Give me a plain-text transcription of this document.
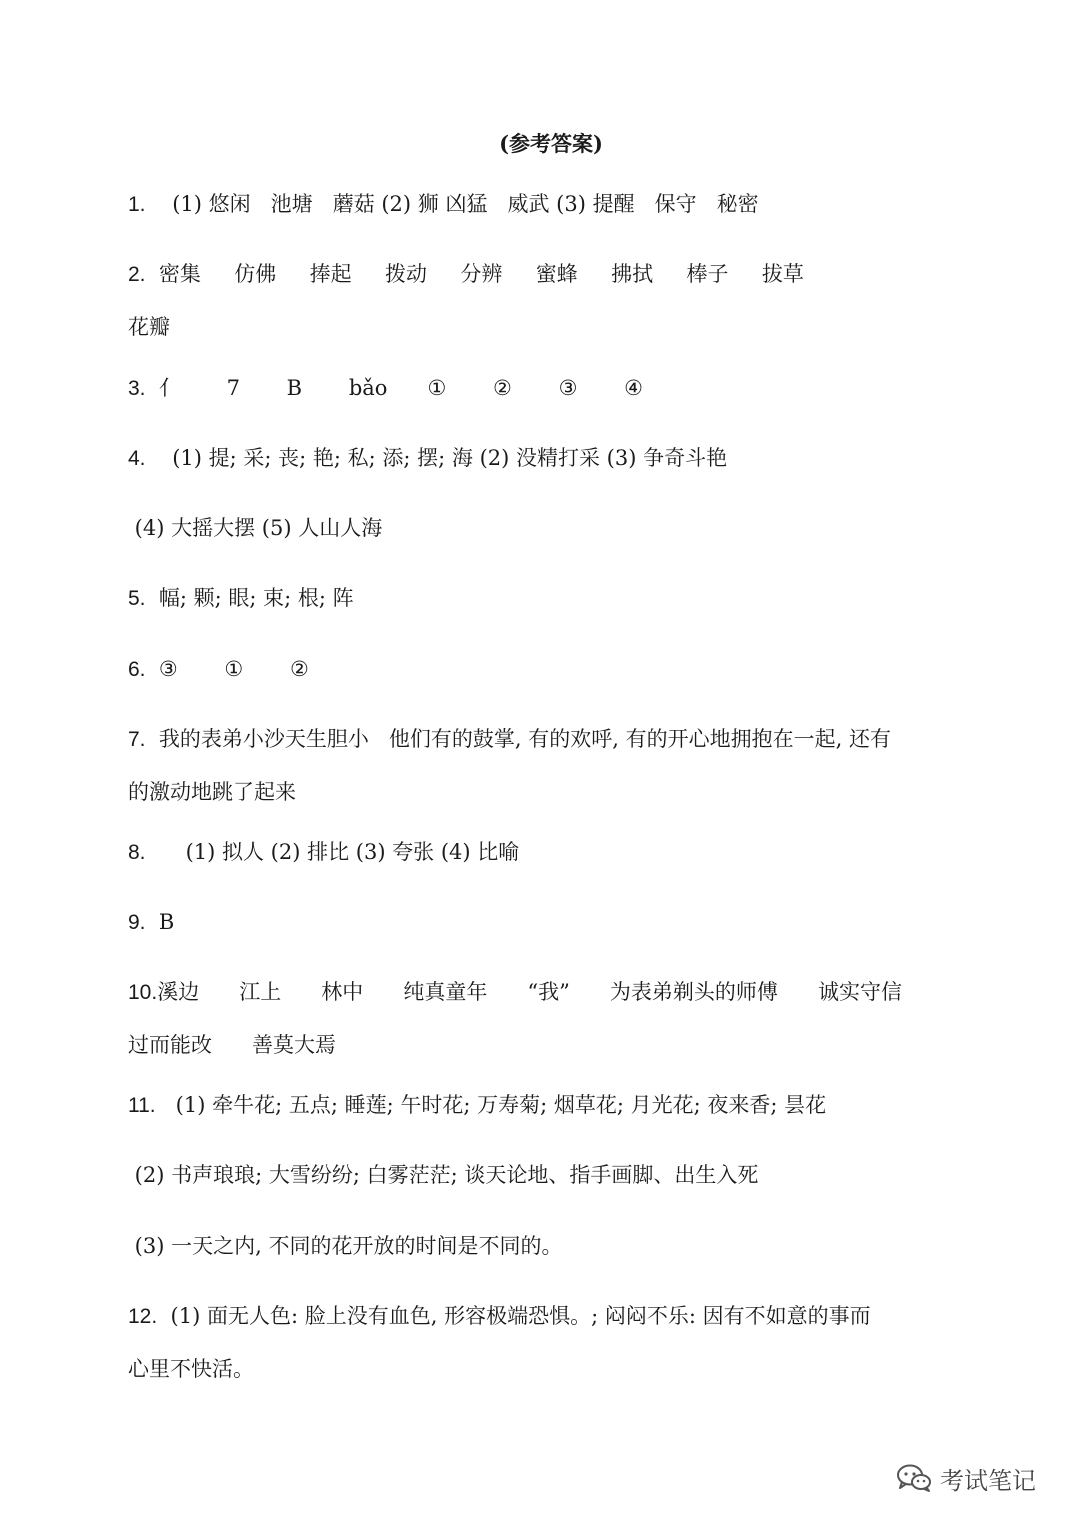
(参考答案)
1.    (1) 悠闲   池塘   蘑菇 (2) 狮 凶猛   威武 (3) 提醒   保守   秘密
2.  密集     仿佛     捧起     拨动     分辨     蜜蜂     拂拭     棒子     拔草
花瓣
3.  亻       7       B       bǎo      ①       ②       ③       ④
4.    (1) 提; 采; 丧; 艳; 私; 添; 摆; 海 (2) 没精打采 (3) 争奇斗艳
(4) 大摇大摆 (5) 人山人海
5.  幅; 颗; 眼; 束; 根; 阵
6.  ③       ①       ②
7.  我的表弟小沙天生胆小   他们有的鼓掌, 有的欢呼, 有的开心地拥抱在一起, 还有
的激动地跳了起来
8.      (1) 拟人 (2) 排比 (3) 夸张 (4) 比喻
9.  B
10.溪边      江上      林中      纯真童年      “我”      为表弟剃头的师傅      诚实守信
过而能改      善莫大焉
11.   (1) 牵牛花; 五点; 睡莲; 午时花; 万寿菊; 烟草花; 月光花; 夜来香; 昙花
(2) 书声琅琅; 大雪纷纷; 白雾茫茫; 谈天论地、指手画脚、出生入死
(3) 一天之内, 不同的花开放的时间是不同的。
12.  (1) 面无人色: 脸上没有血色, 形容极端恐惧。; 闷闷不乐: 因有不如意的事而
心里不快活。
考试笔记
